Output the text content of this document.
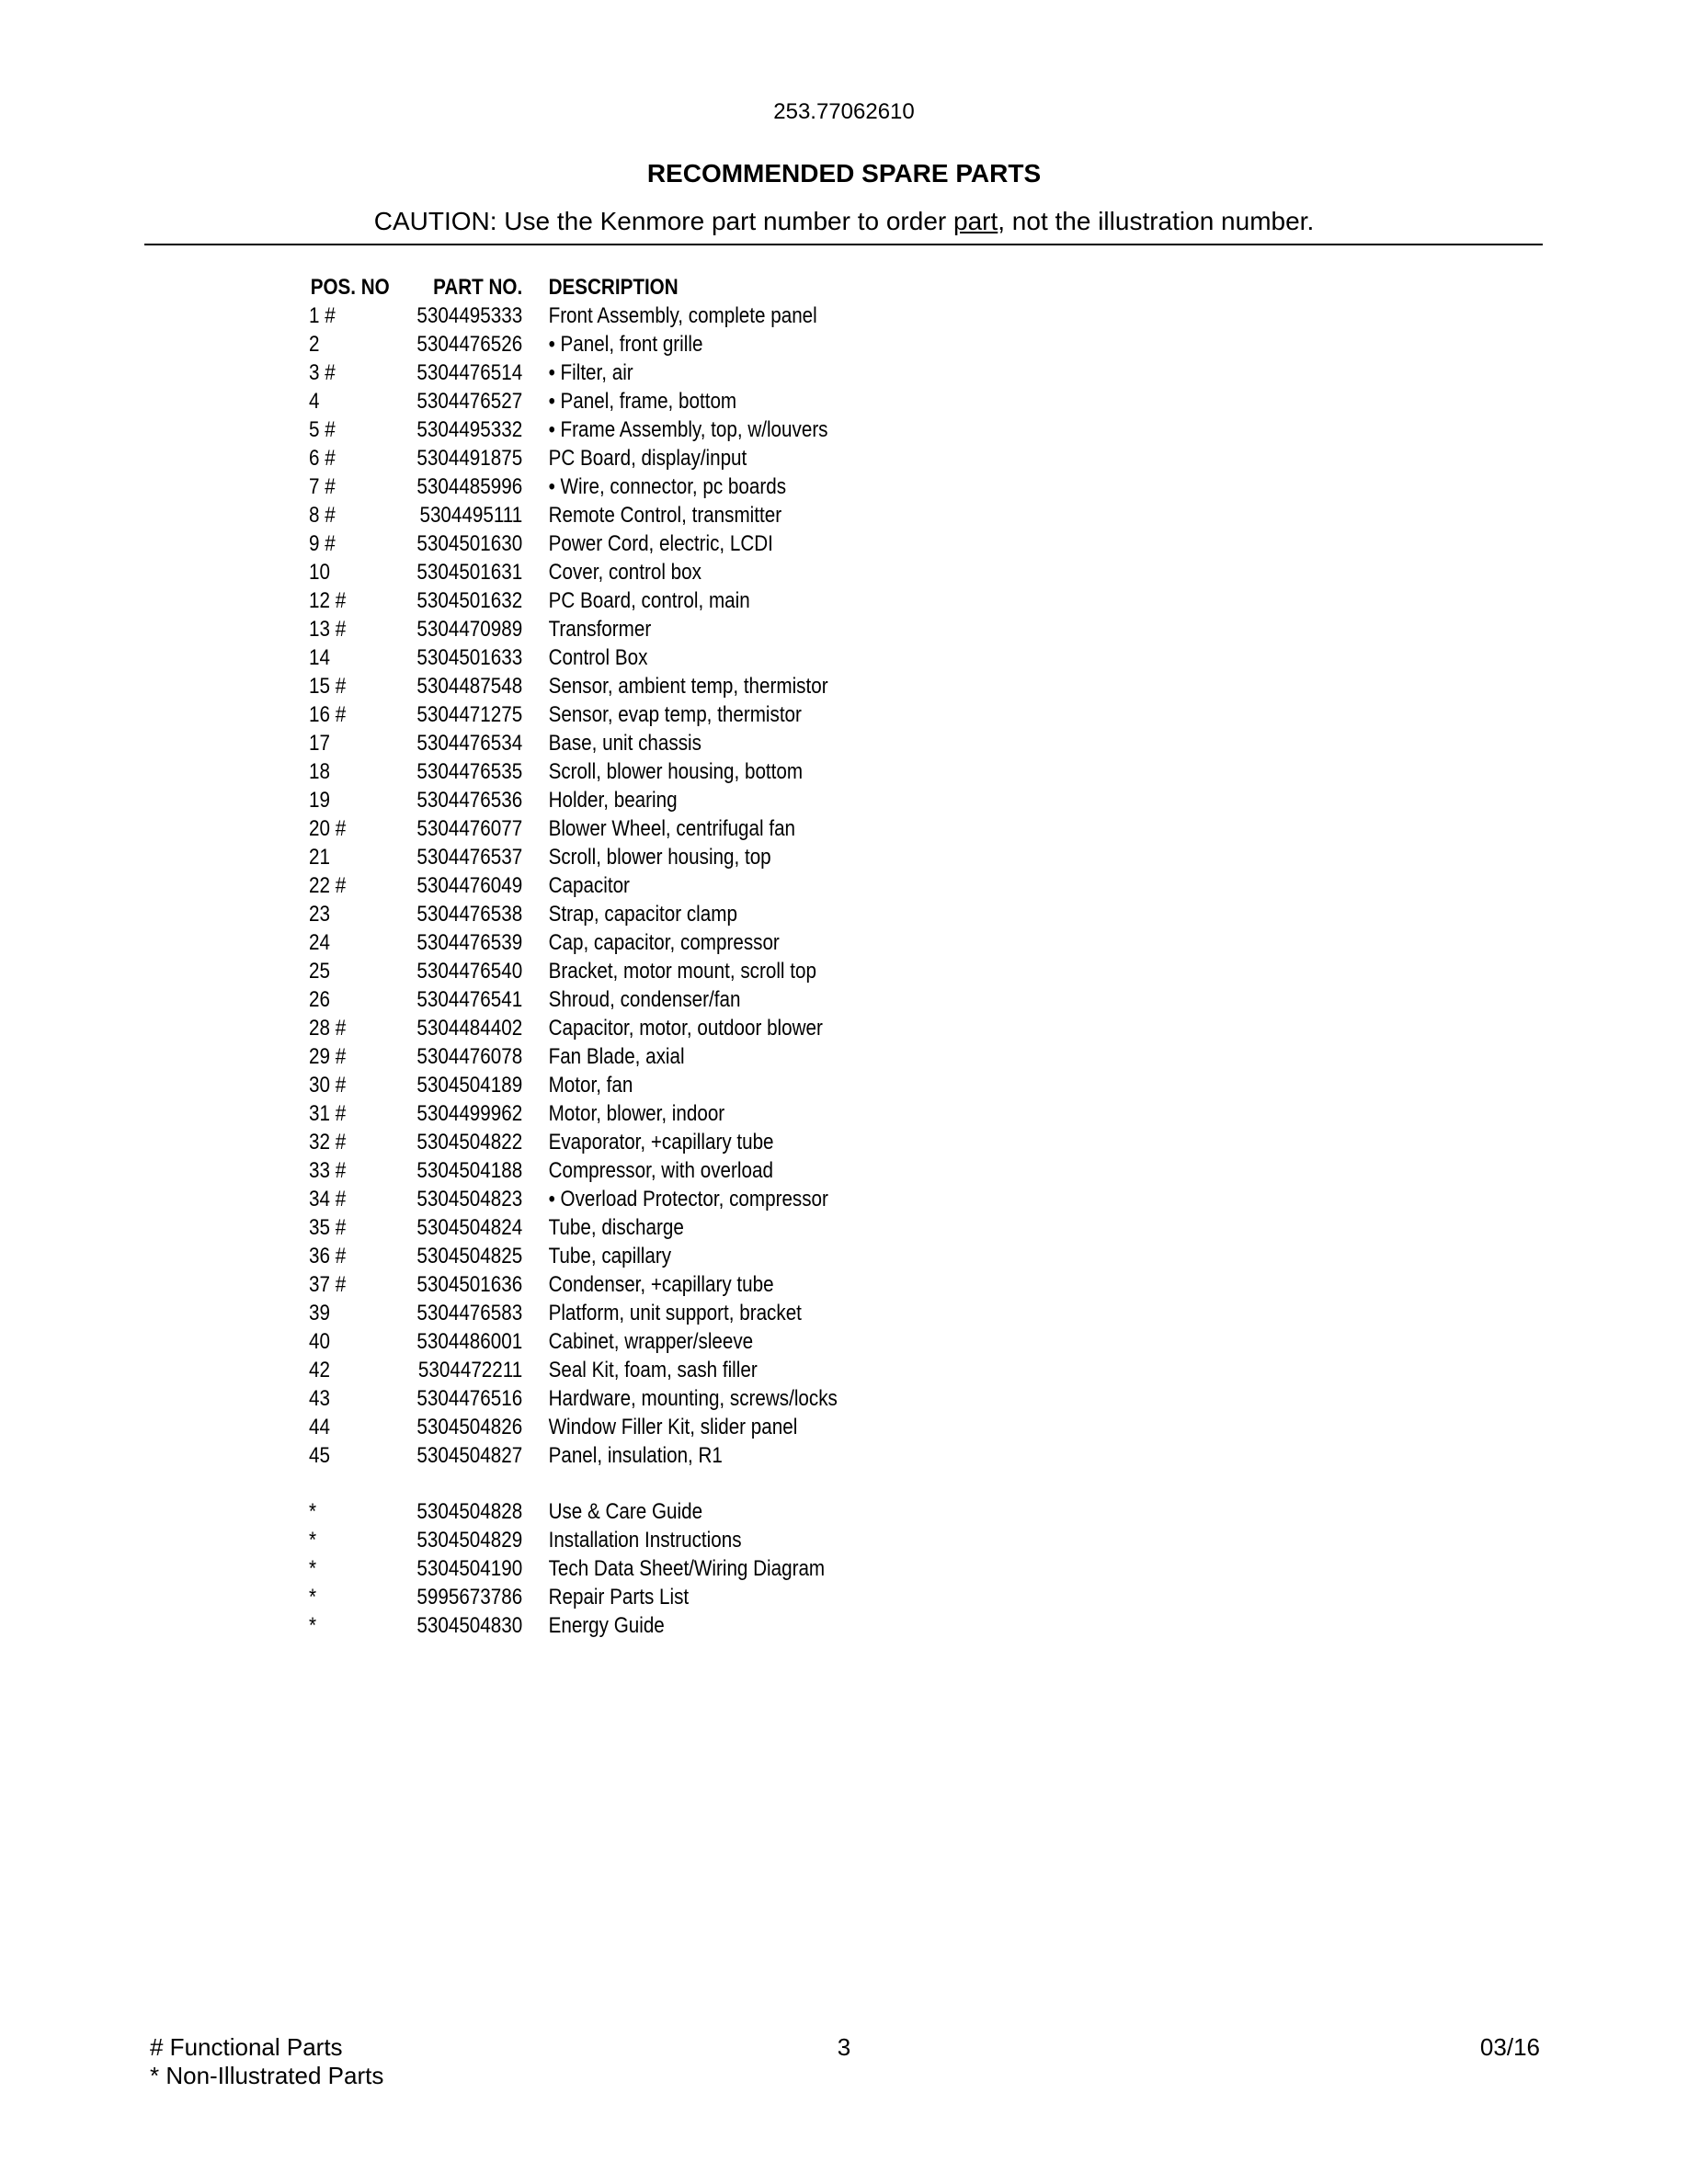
253.77062610
RECOMMENDED SPARE PARTS
CAUTION: Use the Kenmore part number to order part, not the illustration number.
POS. NO	PART NO. DESCRIPTION
1 #	5304495333 Front Assembly, complete panel
2	5304476526 • Panel, front grille
3 #	5304476514 • Filter, air
4	5304476527 • Panel, frame, bottom
5 #	5304495332 • Frame Assembly, top, w/louvers
6 #	5304491875 PC Board, display/input
7 #	5304485996 • Wire, connector, pc boards
8 #	5304495111 Remote Control, transmitter
9 #	5304501630 Power Cord, electric, LCDI
10	5304501631 Cover, control box
12 #	5304501632 PC Board, control, main
13 #	5304470989 Transformer
14	5304501633 Control Box
15 #	5304487548 Sensor, ambient temp, thermistor
16 #	5304471275 Sensor, evap temp, thermistor
17	5304476534 Base, unit chassis
18	5304476535 Scroll, blower housing, bottom
19	5304476536 Holder, bearing
20 #	5304476077 Blower Wheel, centrifugal fan
21	5304476537 Scroll, blower housing, top
22 #	5304476049 Capacitor
23	5304476538 Strap, capacitor clamp
24	5304476539 Cap, capacitor, compressor
25	5304476540 Bracket, motor mount, scroll top
26	5304476541 Shroud, condenser/fan
28 #	5304484402 Capacitor, motor, outdoor blower
29 #	5304476078 Fan Blade, axial
30 #	5304504189 Motor, fan
31 #	5304499962 Motor, blower, indoor
32 #	5304504822 Evaporator, +capillary tube
33 #	5304504188 Compressor, with overload
34 #	5304504823 • Overload Protector, compressor
35 #	5304504824 Tube, discharge
36 #	5304504825 Tube, capillary
37 #	5304501636 Condenser, +capillary tube
39	5304476583 Platform, unit support, bracket
40	5304486001 Cabinet, wrapper/sleeve
42	5304472211 Seal Kit, foam, sash filler
43	5304476516 Hardware, mounting, screws/locks
44	5304504826 Window Filler Kit, slider panel
45	5304504827 Panel, insulation, R1
*	5304504828 Use & Care Guide
*	5304504829 Installation Instructions
*	5304504190 Tech Data Sheet/Wiring Diagram
*	5995673786 Repair Parts List
*	5304504830 Energy Guide
# Functional Parts
* Non-Illustrated Parts
3	03/16
